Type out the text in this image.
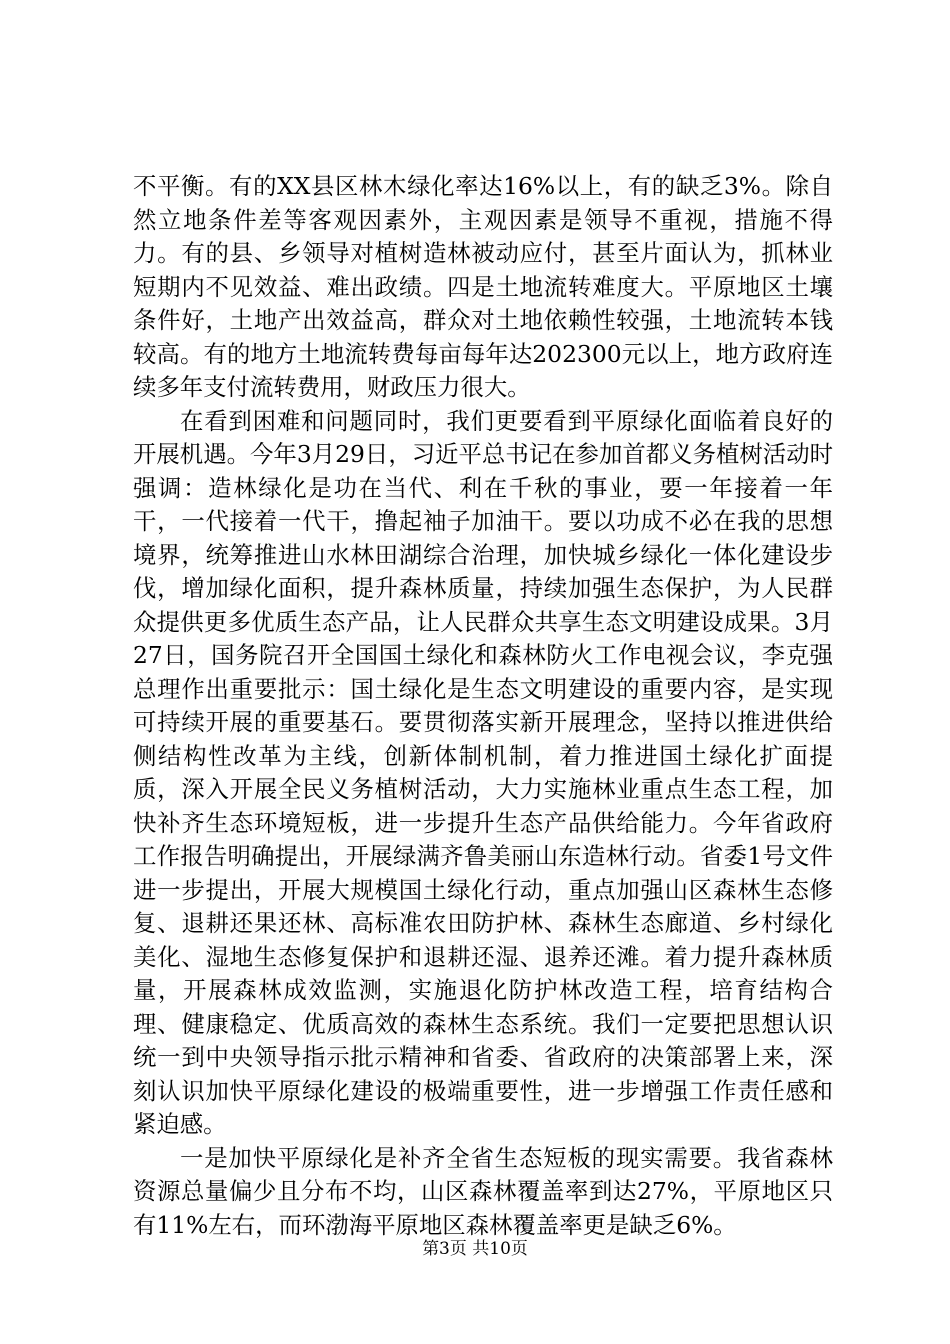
不平衡。有的XX县区林木绿化率达16%以上，有的缺乏3%。除自然立地条件差等客观因素外，主观因素是领导不重视，措施不得力。有的县、乡领导对植树造林被动应付，甚至片面认为，抓林业短期内不见效益、难出政绩。四是土地流转难度大。平原地区土壤条件好，土地产出效益高，群众对土地依赖性较强，土地流转本钱较高。有的地方土地流转费每亩每年达202300元以上，地方政府连续多年支付流转费用，财政压力很大。

在看到困难和问题同时，我们更要看到平原绿化面临着良好的开展机遇。今年3月29日，习近平总书记在参加首都义务植树活动时强调：造林绿化是功在当代、利在千秋的事业，要一年接着一年干，一代接着一代干，撸起袖子加油干。要以功成不必在我的思想境界，统筹推进山水林田湖综合治理，加快城乡绿化一体化建设步伐，增加绿化面积，提升森林质量，持续加强生态保护，为人民群众提供更多优质生态产品，让人民群众共享生态文明建设成果。3月27日，国务院召开全国国土绿化和森林防火工作电视会议，李克强总理作出重要批示：国土绿化是生态文明建设的重要内容，是实现可持续开展的重要基石。要贯彻落实新开展理念，坚持以推进供给侧结构性改革为主线，创新体制机制，着力推进国土绿化扩面提质，深入开展全民义务植树活动，大力实施林业重点生态工程，加快补齐生态环境短板，进一步提升生态产品供给能力。今年省政府工作报告明确提出，开展绿满齐鲁美丽山东造林行动。省委1号文件进一步提出，开展大规模国土绿化行动，重点加强山区森林生态修复、退耕还果还林、高标准农田防护林、森林生态廊道、乡村绿化美化、湿地生态修复保护和退耕还湿、退养还滩。着力提升森林质量，开展森林成效监测，实施退化防护林改造工程，培育结构合理、健康稳定、优质高效的森林生态系统。我们一定要把思想认识统一到中央领导指示批示精神和省委、省政府的决策部署上来，深刻认识加快平原绿化建设的极端重要性，进一步增强工作责任感和紧迫感。

一是加快平原绿化是补齐全省生态短板的现实需要。我省森林资源总量偏少且分布不均，山区森林覆盖率到达27%，平原地区只有11%左右，而环渤海平原地区森林覆盖率更是缺乏6%。

第3页 共10页
